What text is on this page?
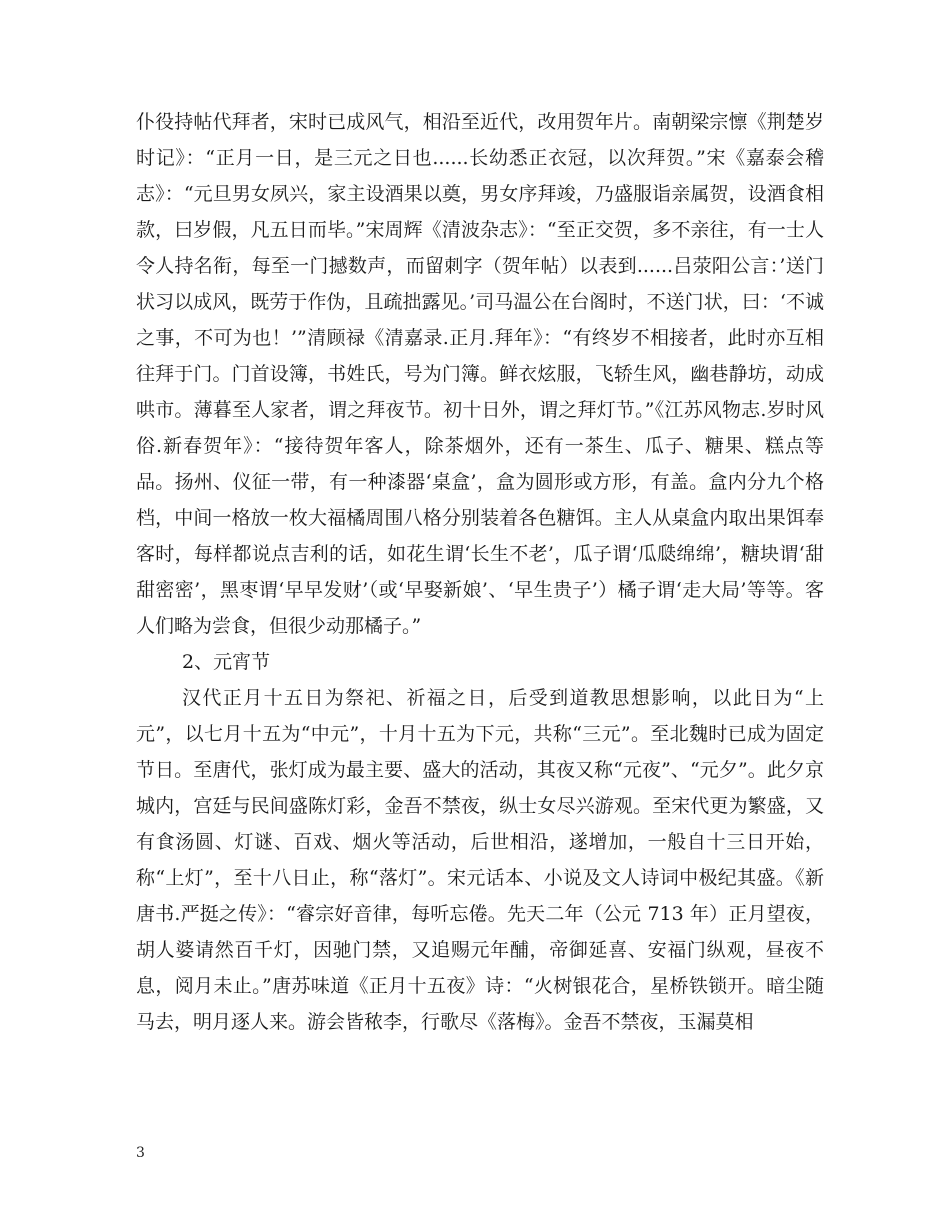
仆役持帖代拜者，宋时已成风气，相沿至近代，改用贺年片。南朝梁宗懔《荆楚岁时记》：“正月一日，是三元之日也......长幼悉正衣冠，以次拜贺。”宋《嘉泰会稽志》：“元旦男女夙兴，家主设酒果以奠，男女序拜竣，乃盛服诣亲属贺，设酒食相款，曰岁假，凡五日而毕。”宋周辉《清波杂志》：“至正交贺，多不亲往，有一士人令人持名衔，每至一门撼数声，而留刺字（贺年帖）以表到......吕荥阳公言：’送门状习以成风，既劳于作伪，且疏拙露见。’司马温公在台阁时，不送门状，曰：‘不诚之事，不可为也！’”清顾禄《清嘉录.正月.拜年》：“有终岁不相接者，此时亦互相往拜于门。门首设簿，书姓氏，号为门簿。鲜衣炫服，飞轿生风，幽巷静坊，动成哄市。薄暮至人家者，谓之拜夜节。初十日外，谓之拜灯节。”《江苏风物志.岁时风俗.新春贺年》：“接待贺年客人，除茶烟外，还有一茶生、瓜子、糖果、糕点等品。扬州、仪征一带，有一种漆器‘桌盒’，盒为圆形或方形，有盖。盒内分九个格档，中间一格放一枚大福橘周围八格分别装着各色糖饵。主人从桌盒内取出果饵奉客时，每样都说点吉利的话，如花生谓‘长生不老’，瓜子谓‘瓜瓞绵绵’，糖块谓‘甜甜密密’，黑枣谓‘早早发财’（或‘早娶新娘’、‘早生贵子’）橘子谓‘走大局’等等。客人们略为尝食，但很少动那橘子。”

2、元宵节

汉代正月十五日为祭祀、祈福之日，后受到道教思想影响，以此日为“上元”，以七月十五为“中元”，十月十五为下元，共称“三元”。至北魏时已成为固定节日。至唐代，张灯成为最主要、盛大的活动，其夜又称“元夜”、“元夕”。此夕京城内，宫廷与民间盛陈灯彩，金吾不禁夜，纵士女尽兴游观。至宋代更为繁盛，又有食汤圆、灯谜、百戏、烟火等活动，后世相沿，遂增加，一般自十三日开始，称“上灯”，至十八日止，称“落灯”。宋元话本、小说及文人诗词中极纪其盛。《新唐书.严挺之传》：“睿宗好音律，每听忘倦。先天二年（公元 713 年）正月望夜，胡人婆请然百千灯，因驰门禁，又追赐元年酺，帝御延喜、安福门纵观，昼夜不息，阅月未止。”唐苏味道《正月十五夜》诗：“火树银花合，星桥铁锁开。暗尘随马去，明月逐人来。游会皆秾李，行歌尽《落梅》。金吾不禁夜，玉漏莫相

3
